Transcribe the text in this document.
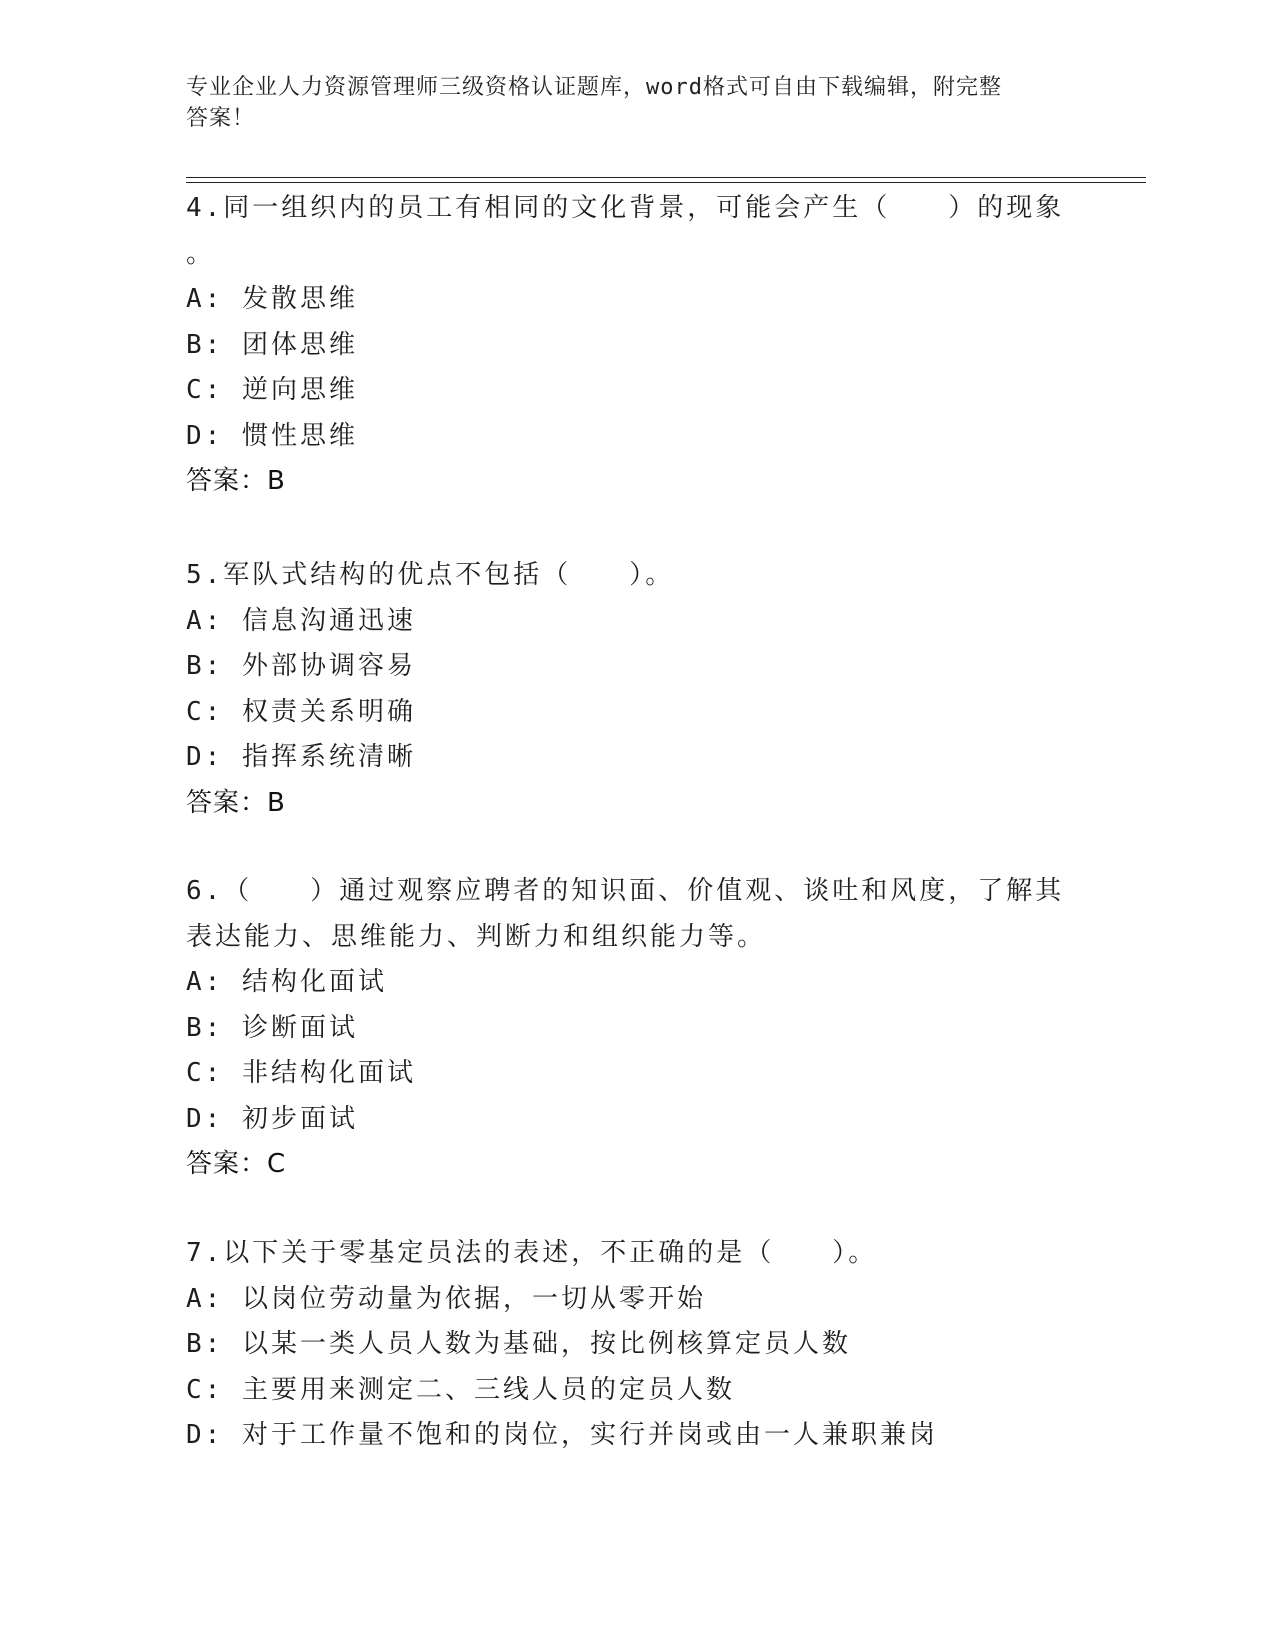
专业企业人力资源管理师三级资格认证题库，word格式可自由下载编辑，附完整
答案！
4.同一组织内的员工有相同的文化背景，可能会产生（　　）的现象
。
A: 发散思维
B: 团体思维
C: 逆向思维
D: 惯性思维
答案：B
5.军队式结构的优点不包括（　　）。
A: 信息沟通迅速
B: 外部协调容易
C: 权责关系明确
D: 指挥系统清晰
答案：B
6.（　　）通过观察应聘者的知识面、价值观、谈吐和风度，了解其
表达能力、思维能力、判断力和组织能力等。
A: 结构化面试
B: 诊断面试
C: 非结构化面试
D: 初步面试
答案：C
7.以下关于零基定员法的表述，不正确的是（　　）。
A: 以岗位劳动量为依据，一切从零开始
B: 以某一类人员人数为基础，按比例核算定员人数
C: 主要用来测定二、三线人员的定员人数
D: 对于工作量不饱和的岗位，实行并岗或由一人兼职兼岗
